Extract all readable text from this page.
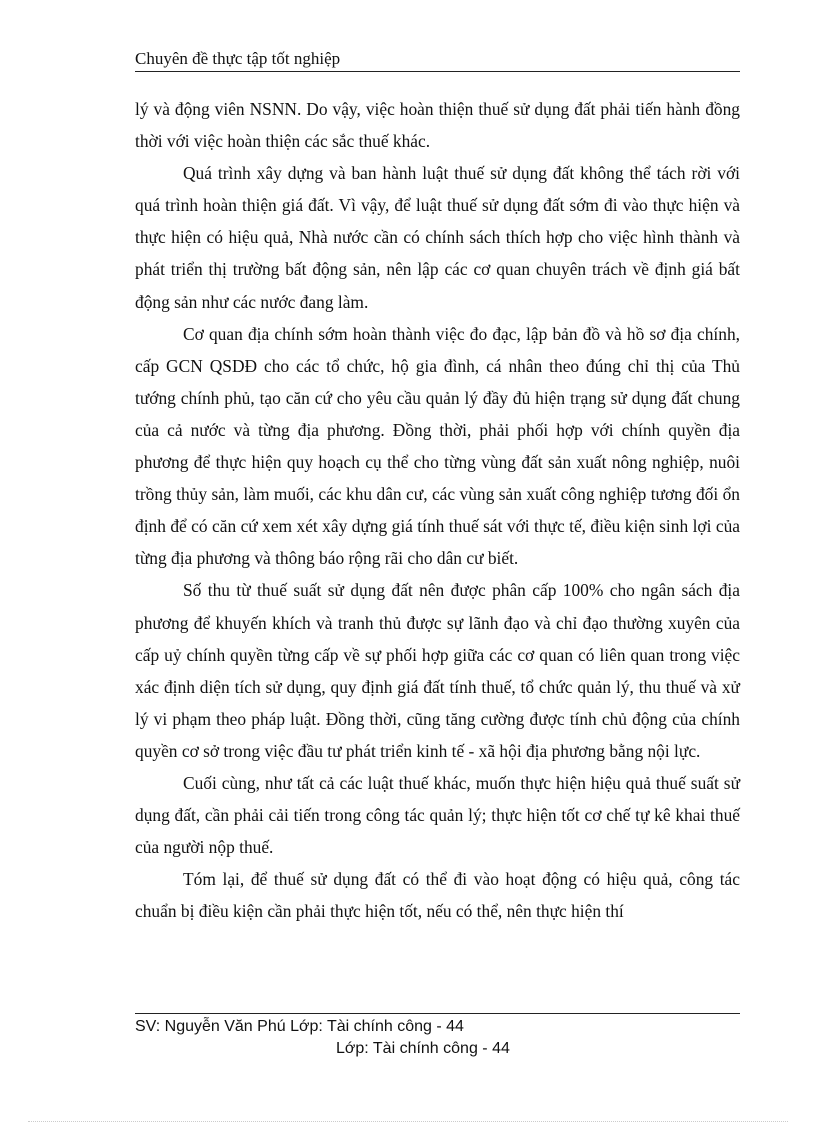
Chuyên đề thực tập tốt nghiệp

lý và động viên NSNN. Do vậy, việc hoàn thiện thuế sử dụng đất phải tiến hành đồng thời với việc hoàn thiện các sắc thuế khác.

Quá trình xây dựng và ban hành luật thuế sử dụng đất không thể tách rời với quá trình hoàn thiện giá đất. Vì vậy, để luật thuế sử dụng đất sớm đi vào thực hiện và thực hiện có hiệu quả, Nhà nước cần có chính sách thích hợp cho việc hình thành và phát triển thị trường bất động sản, nên lập các cơ quan chuyên trách về định giá bất động sản như các nước đang làm.

Cơ quan địa chính sớm hoàn thành việc đo đạc, lập bản đồ và hồ sơ địa chính, cấp GCN QSDĐ cho các tổ chức, hộ gia đình, cá nhân theo đúng chỉ thị của Thủ tướng chính phủ, tạo căn cứ cho yêu cầu quản lý đầy đủ hiện trạng sử dụng đất chung của cả nước và từng địa phương. Đồng thời, phải phối hợp với chính quyền địa phương để thực hiện quy hoạch cụ thể cho từng vùng đất sản xuất nông nghiệp, nuôi trồng thủy sản, làm muối, các khu dân cư, các vùng sản xuất công nghiệp tương đối ổn định để có căn cứ xem xét xây dựng giá tính thuế sát với thực tế, điều kiện sinh lợi của từng địa phương và thông báo rộng rãi cho dân cư biết.

Số thu từ thuế suất sử dụng đất nên được phân cấp 100% cho ngân sách địa phương để khuyến khích và tranh thủ được sự lãnh đạo và chỉ đạo thường xuyên của cấp uỷ chính quyền từng cấp về sự phối hợp giữa các cơ quan có liên quan trong việc xác định diện tích sử dụng, quy định giá đất tính thuế, tổ chức quản lý, thu thuế và xử lý vi phạm theo pháp luật. Đồng thời, cũng tăng cường được tính chủ động của chính quyền cơ sở trong việc đầu tư phát triển kinh tế - xã hội địa phương bằng nội lực.

Cuối cùng, như tất cả các luật thuế khác, muốn thực hiện hiệu quả thuế suất sử dụng đất, cần phải cải tiến trong công tác quản lý; thực hiện tốt cơ chế tự kê khai thuế của người nộp thuế.

Tóm lại, để thuế sử dụng đất có thể đi vào hoạt động có hiệu quả, công tác chuẩn bị điều kiện cần phải thực hiện tốt, nếu có thể, nên thực hiện thí

SV: Nguyễn Văn Phú Lớp: Tài chính công - 44
Lớp: Tài chính công - 44
